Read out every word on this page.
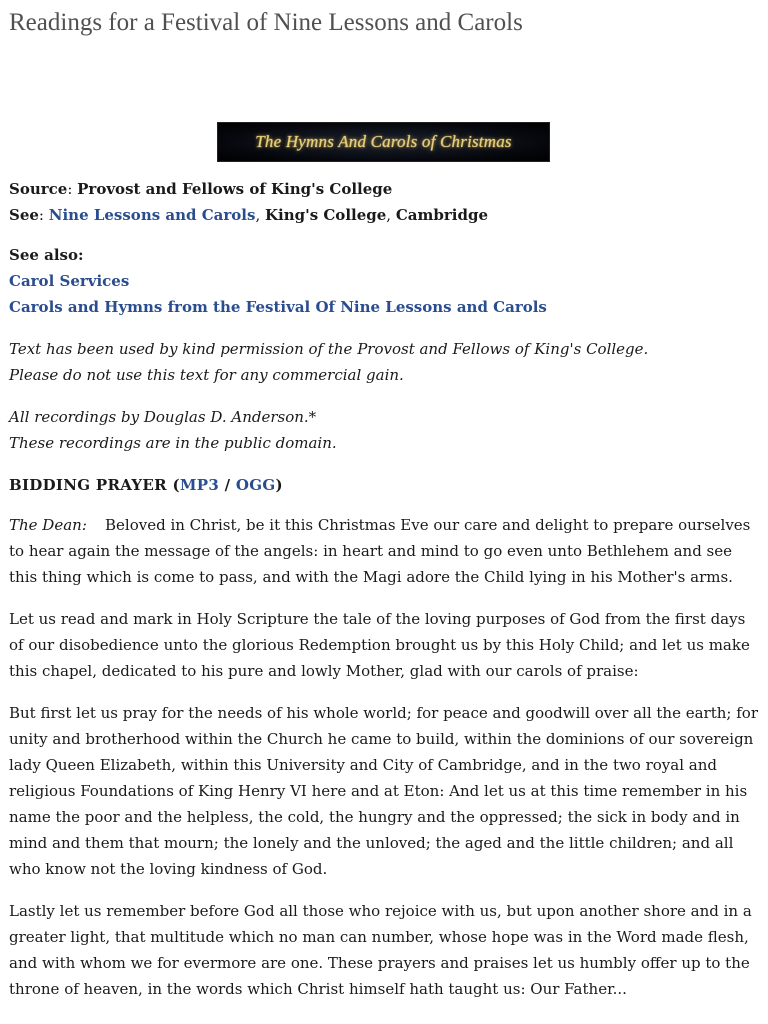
Readings for a Festival of Nine Lessons and Carols
The Hymns And Carols of Christmas

Source: Provost and Fellows of King's College

See: Nine Lessons and Carols, King's College, Cambridge

See also:

Carol Services

Carols and Hymns from the Festival Of Nine Lessons and Carols

Text has been used by kind permission of the Provost and Fellows of King's College.

Please do not use this text for any commercial gain.

All recordings by Douglas D. Anderson.*

These recordings are in the public domain.

BIDDING PRAYER (MP3 / OGG)

The Dean: Beloved in Christ, be it this Christmas Eve our care and delight to prepare ourselves to hear again the message of the angels: in heart and mind to go even unto Bethlehem and see this thing which is come to pass, and with the Magi adore the Child lying in his Mother's arms.

Let us read and mark in Holy Scripture the tale of the loving purposes of God from the first days of our disobedience unto the glorious Redemption brought us by this Holy Child; and let us make this chapel, dedicated to his pure and lowly Mother, glad with our carols of praise:

But first let us pray for the needs of his whole world; for peace and goodwill over all the earth; for unity and brotherhood within the Church he came to build, within the dominions of our sovereign lady Queen Elizabeth, within this University and City of Cambridge, and in the two royal and religious Foundations of King Henry VI here and at Eton: And let us at this time remember in his name the poor and the helpless, the cold, the hungry and the oppressed; the sick in body and in mind and them that mourn; the lonely and the unloved; the aged and the little children; and all who know not the loving kindness of God.

Lastly let us remember before God all those who rejoice with us, but upon another shore and in a greater light, that multitude which no man can number, whose hope was in the Word made flesh, and with whom we for evermore are one. These prayers and praises let us humbly offer up to the throne of heaven, in the words which Christ himself hath taught us: Our Father...
